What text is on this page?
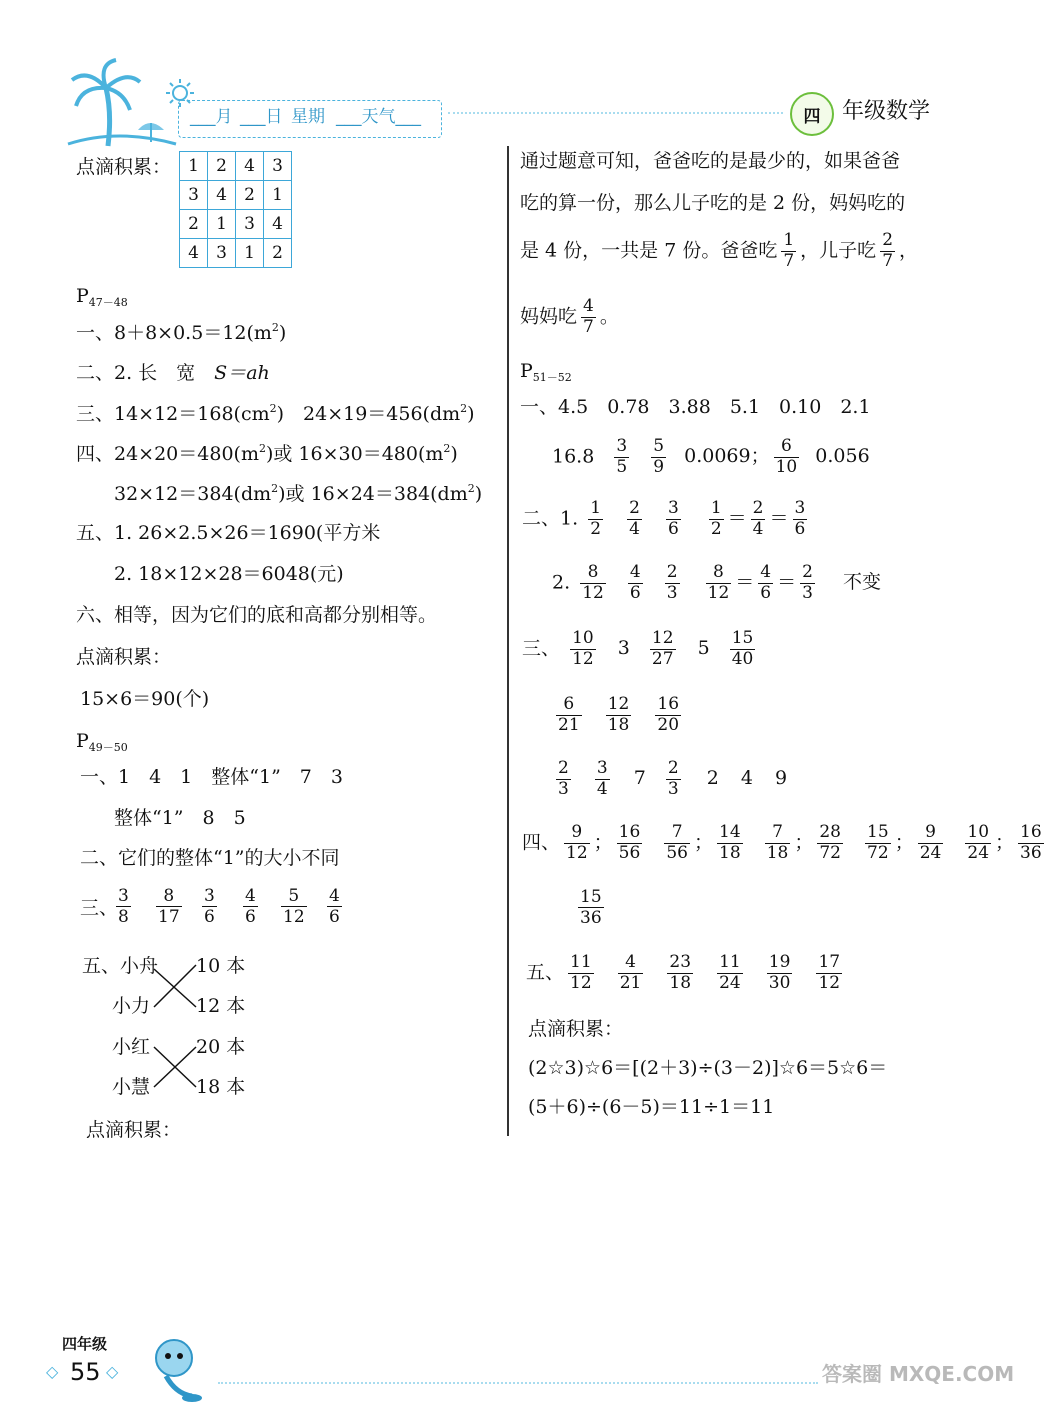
___月 ___日 星期 ___天气___	四 年级数学
点滴积累： 1	2	4	3
3	4	2	1
2	1	3	4
4	3	1	2
$P_{47-48}$
一、$8+8\times 0.5=12(m^2)$
二、2. 长　宽　S＝ah
三、$14\times 12=168(cm^2)$　$24\times 19=456(dm^2)$
四、$24\times 20=480(m^2)$或 $16\times 30=480(m^2)$
$32\times 12=384(dm^2)$或 $16\times 24=384(dm^2)$
五、1. 26×2.5×26＝1690(平方米
2. 18×12×28＝6048(元)
六、相等，因为它们的底和高都分别相等。
点滴积累：
15×6＝90(个)
$P_{49-50}$
一、1　4　1　整体“1”　7　3
整体“1”　8　5
二、它们的整体“1”的大小不同
三、
3
8
8
17
3
6
4
6
5
12
4
6
五、小舟
小力
小红
小慧
10 本
12 本
20 本
18 本
点滴积累：
通过题意可知，爸爸吃的是最少的，如果爸爸
吃的算一份，那么儿子吃的是 2 份，妈妈吃的
是 4 份，一共是 7 份。爸爸吃 $\frac{1}{7}$ ，儿子吃 $\frac{2}{7}$ ，
妈妈吃 $\frac{4}{7}$ 。
$P_{51-52}$
一、4.5　0.78　3.88　5.1　0.10　2.1
$16.8 \frac{3}{5}$
$\frac{5}{9} 0.0069$； $\frac{6}{10} 0.056$
二、1. $\frac{1}{2}$
$\frac{2}{4}$
$\frac{3}{6}$
$\frac{1}{2} = \frac{2}{4} = \frac{3}{6}$
2. $\frac{8}{12}$
$\frac{4}{6}$
$\frac{2}{3}$
$\frac{8}{12} = \frac{4}{6} = \frac{2}{3}$ 不变
三、 $\frac{10}{12} 3 \frac{12}{27} 5 \frac{15}{40}$
$\frac{6}{21}$
$\frac{12}{18}$
$\frac{16}{20}$
$\frac{2}{3}$
$\frac{3}{4} 7 \frac{2}{3} 2$ 4 9
四、 $\frac{9}{12}$ ； $\frac{16}{56}$
$\frac{7}{56}$ ； $\frac{14}{18}$
$\frac{7}{18}$ ； $\frac{28}{72}$
$\frac{15}{72}$ ； $\frac{9}{24}$
$\frac{10}{24}$ ； $\frac{16}{36}$
15
36
五、 $\frac{11}{12}$
$\frac{4}{21}$
$\frac{23}{18}$
$\frac{11}{24}$
$\frac{19}{30}$
$\frac{17}{12}$
点滴积累：
(2☆3)☆6＝[(2＋3)÷(3－2)]☆6＝5☆6＝
(5＋6)÷(6－5)＝11÷1＝11
四年级
◇ 55 ◇	答案圈 MXQE.COM
